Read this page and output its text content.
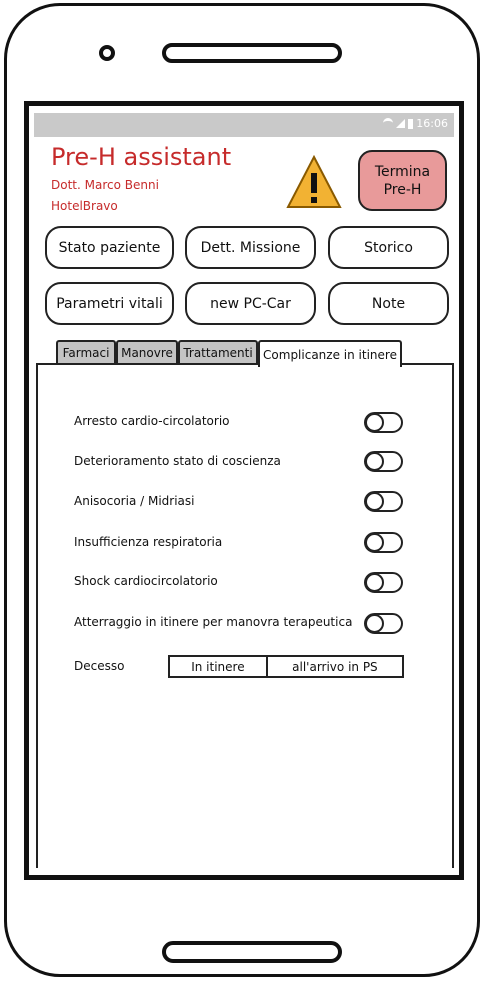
16:06
Pre-H assistant
Dott. Marco Benni
HotelBravo
Termina
Pre-H
Stato paziente	Dett. Missione	Storico
Parametri vitali	new PC-Car	Note
Farmaci Manovre Trattamenti Complicanze in itinere
Arresto cardio-circolatorio
Deterioramento stato di coscienza
Anisocoria / Midriasi
Insufficienza respiratoria
Shock cardiocircolatorio
Atterraggio in itinere per manovra terapeutica
Decesso	In itinere	all'arrivo in PS
